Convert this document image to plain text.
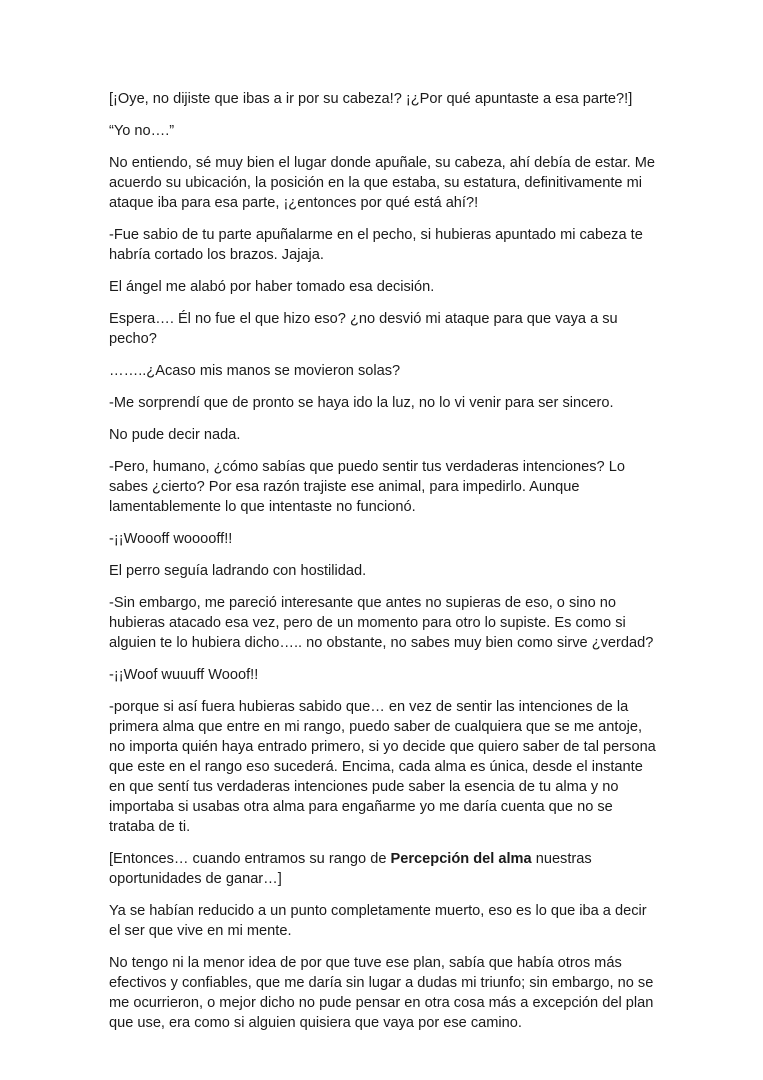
[¡Oye, no dijiste que ibas a ir por su cabeza!? ¡¿Por qué apuntaste a esa parte?!]

“Yo no….”

No entiendo, sé muy bien el lugar donde apuñale, su cabeza, ahí debía de estar. Me acuerdo su ubicación, la posición en la que estaba, su estatura, definitivamente mi ataque iba para esa parte, ¡¿entonces por qué está ahí?!

-Fue sabio de tu parte apuñalarme en el pecho, si hubieras apuntado mi cabeza te habría cortado los brazos. Jajaja.

El ángel me alabó por haber tomado esa decisión.

Espera…. Él no fue el que hizo eso? ¿no desvió mi ataque para que vaya a su pecho?

……..¿Acaso mis manos se movieron solas?

-Me sorprendí que de pronto se haya ido la luz, no lo vi venir para ser sincero.

No pude decir nada.

-Pero, humano, ¿cómo sabías que puedo sentir tus verdaderas intenciones? Lo sabes ¿cierto? Por esa razón trajiste ese animal, para impedirlo. Aunque lamentablemente lo que intentaste no funcionó.

-¡¡Woooff wooooff!!

El perro seguía ladrando con hostilidad.

-Sin embargo, me pareció interesante que antes no supieras de eso, o sino no hubieras atacado esa vez, pero de un momento para otro lo supiste. Es como si alguien te lo hubiera dicho….. no obstante, no sabes muy bien como sirve ¿verdad?

-¡¡Woof wuuuff Wooof!!

-porque si así fuera hubieras sabido que… en vez de sentir las intenciones de la primera alma que entre en mi rango, puedo saber de cualquiera que se me antoje, no importa quién haya entrado primero, si yo decide que quiero saber de tal persona que este en el rango eso sucederá. Encima, cada alma es única, desde el instante en que sentí tus verdaderas intenciones pude saber la esencia de tu alma y no importaba si usabas otra alma para engañarme yo me daría cuenta que no se trataba de ti.

[Entonces… cuando entramos su rango de Percepción del alma nuestras oportunidades de ganar…]

Ya se habían reducido a un punto completamente muerto, eso es lo que iba a decir el ser que vive en mi mente.

No tengo ni la menor idea de por que tuve ese plan, sabía que había otros más efectivos y confiables, que me daría sin lugar a dudas mi triunfo; sin embargo, no se me ocurrieron, o mejor dicho no pude pensar en otra cosa más a excepción del plan que use, era como si alguien quisiera que vaya por ese camino.
